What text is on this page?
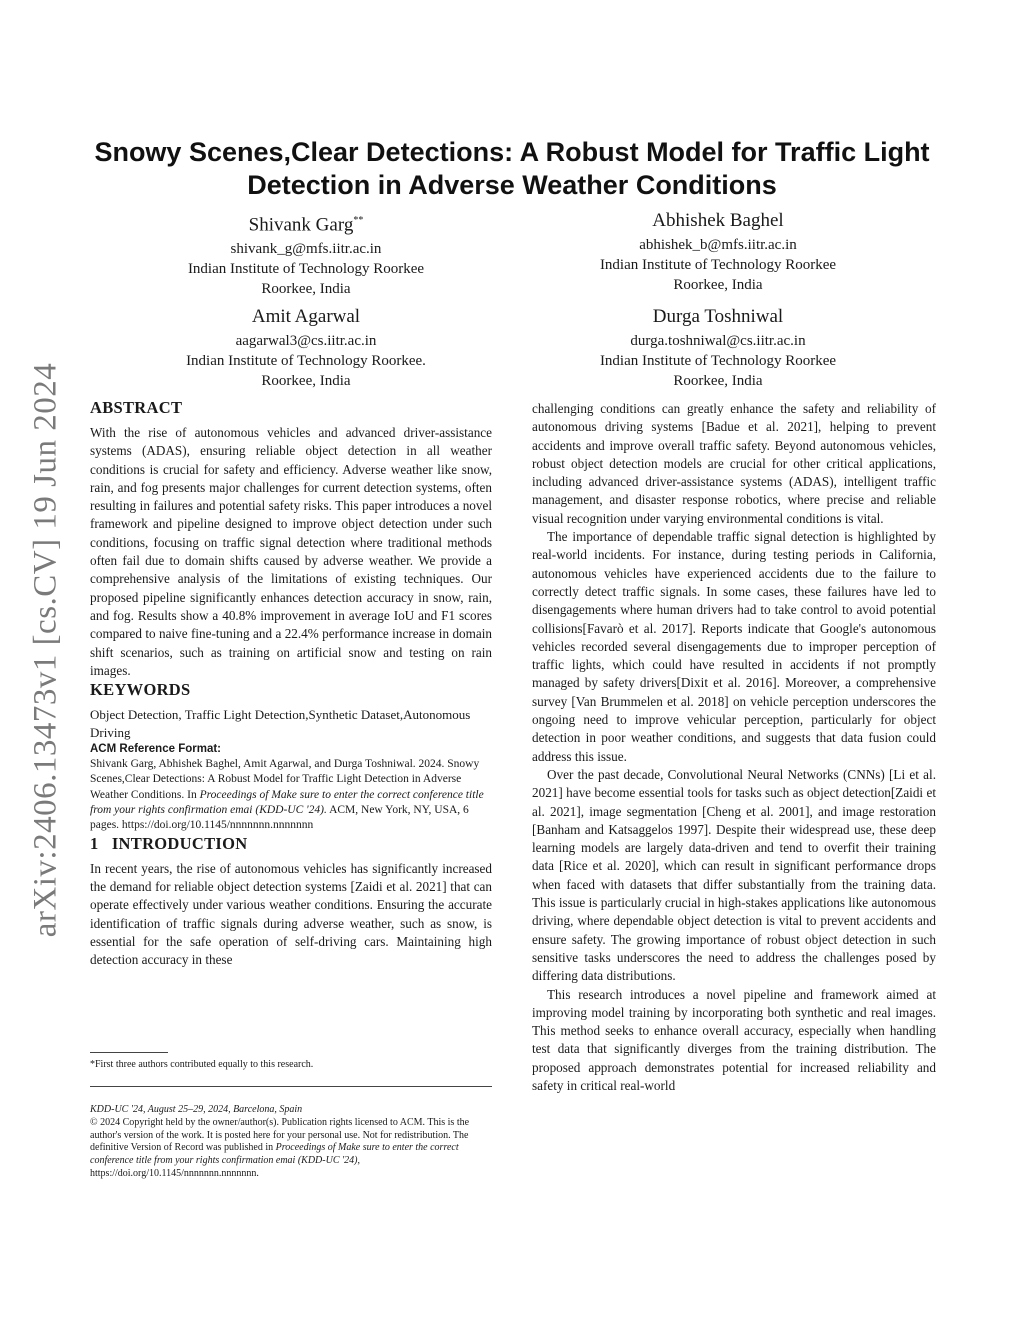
arXiv:2406.13473v1 [cs.CV] 19 Jun 2024
Snowy Scenes,Clear Detections: A Robust Model for Traffic Light Detection in Adverse Weather Conditions
Shivank Garg**
shivank_g@mfs.iitr.ac.in
Indian Institute of Technology Roorkee
Roorkee, India
Abhishek Baghel
abhishek_b@mfs.iitr.ac.in
Indian Institute of Technology Roorkee
Roorkee, India
Amit Agarwal
aagarwal3@cs.iitr.ac.in
Indian Institute of Technology Roorkee.
Roorkee, India
Durga Toshniwal
durga.toshniwal@cs.iitr.ac.in
Indian Institute of Technology Roorkee
Roorkee, India
ABSTRACT

With the rise of autonomous vehicles and advanced driver-assistance systems (ADAS), ensuring reliable object detection in all weather conditions is crucial for safety and efficiency. Adverse weather like snow, rain, and fog presents major challenges for current detection systems, often resulting in failures and potential safety risks. This paper introduces a novel framework and pipeline designed to improve object detection under such conditions, focusing on traffic signal detection where traditional methods often fail due to domain shifts caused by adverse weather. We provide a comprehensive analysis of the limitations of existing techniques. Our proposed pipeline significantly enhances detection accuracy in snow, rain, and fog. Results show a 40.8% improvement in average IoU and F1 scores compared to naive fine-tuning and a 22.4% performance increase in domain shift scenarios, such as training on artificial snow and testing on rain images.

KEYWORDS

Object Detection, Traffic Light Detection,Synthetic Dataset,Autonomous Driving

ACM Reference Format:

Shivank Garg, Abhishek Baghel, Amit Agarwal, and Durga Toshniwal. 2024. Snowy Scenes,Clear Detections: A Robust Model for Traffic Light Detection in Adverse Weather Conditions. In Proceedings of Make sure to enter the correct conference title from your rights confirmation emai (KDD-UC '24). ACM, New York, NY, USA, 6 pages. https://doi.org/10.1145/nnnnnnn.nnnnnnn

1   INTRODUCTION

In recent years, the rise of autonomous vehicles has significantly increased the demand for reliable object detection systems [Zaidi et al. 2021] that can operate effectively under various weather conditions. Ensuring the accurate identification of traffic signals during adverse weather, such as snow, is essential for the safe operation of self-driving cars. Maintaining high detection accuracy in these

*First three authors contributed equally to this research.
KDD-UC '24, August 25–29, 2024, Barcelona, Spain
© 2024 Copyright held by the owner/author(s). Publication rights licensed to ACM. This is the author's version of the work. It is posted here for your personal use. Not for redistribution. The definitive Version of Record was published in Proceedings of Make sure to enter the correct conference title from your rights confirmation emai (KDD-UC '24), https://doi.org/10.1145/nnnnnnn.nnnnnnn.

challenging conditions can greatly enhance the safety and reliability of autonomous driving systems [Badue et al. 2021], helping to prevent accidents and improve overall traffic safety. Beyond autonomous vehicles, robust object detection models are crucial for other critical applications, including advanced driver-assistance systems (ADAS), intelligent traffic management, and disaster response robotics, where precise and reliable visual recognition under varying environmental conditions is vital.

The importance of dependable traffic signal detection is highlighted by real-world incidents. For instance, during testing periods in California, autonomous vehicles have experienced accidents due to the failure to correctly detect traffic signals. In some cases, these failures have led to disengagements where human drivers had to take control to avoid potential collisions[Favarò et al. 2017]. Reports indicate that Google's autonomous vehicles recorded several disengagements due to improper perception of traffic lights, which could have resulted in accidents if not promptly managed by safety drivers[Dixit et al. 2016]. Moreover, a comprehensive survey [Van Brummelen et al. 2018] on vehicle perception underscores the ongoing need to improve vehicular perception, particularly for object detection in poor weather conditions, and suggests that data fusion could address this issue.

Over the past decade, Convolutional Neural Networks (CNNs) [Li et al. 2021] have become essential tools for tasks such as object detection[Zaidi et al. 2021], image segmentation [Cheng et al. 2001], and image restoration [Banham and Katsaggelos 1997]. Despite their widespread use, these deep learning models are largely data-driven and tend to overfit their training data [Rice et al. 2020], which can result in significant performance drops when faced with datasets that differ substantially from the training data. This issue is particularly crucial in high-stakes applications like autonomous driving, where dependable object detection is vital to prevent accidents and ensure safety. The growing importance of robust object detection in such sensitive tasks underscores the need to address the challenges posed by differing data distributions.

This research introduces a novel pipeline and framework aimed at improving model training by incorporating both synthetic and real images. This method seeks to enhance overall accuracy, especially when handling test data that significantly diverges from the training distribution. The proposed approach demonstrates potential for increased reliability and safety in critical real-world
